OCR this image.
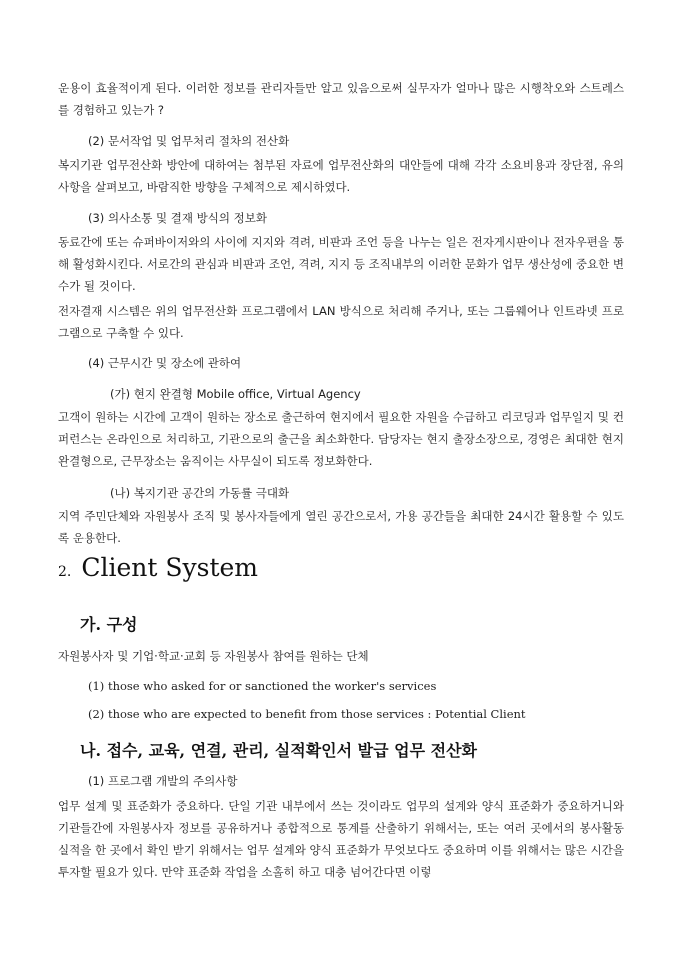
운용이 효율적이게 된다. 이러한 정보를 관리자들만 알고 있음으로써 실무자가 얼마나 많은 시행착오와 스트레스를 경험하고 있는가 ?

(2) 문서작업 및 업무처리 절차의 전산화

복지기관 업무전산화 방안에 대하여는 첨부된 자료에 업무전산화의 대안들에 대해 각각 소요비용과 장단점, 유의사항을 살펴보고, 바람직한 방향을 구체적으로 제시하였다.

(3) 의사소통 및 결재 방식의 정보화

동료간에 또는 슈퍼바이저와의 사이에 지지와 격려, 비판과 조언 등을 나누는 일은 전자게시판이나 전자우편을 통해 활성화시킨다. 서로간의 관심과 비판과 조언, 격려, 지지 등 조직내부의 이러한 문화가 업무 생산성에 중요한 변수가 될 것이다.

전자결재 시스템은 위의 업무전산화 프로그램에서 LAN 방식으로 처리해 주거나, 또는 그룹웨어나 인트라넷 프로그램으로 구축할 수 있다.

(4) 근무시간 및 장소에 관하여

(가) 현지 완결형 Mobile office, Virtual Agency

고객이 원하는 시간에 고객이 원하는 장소로 출근하여 현지에서 필요한 자원을 수급하고 리코딩과 업무일지 및 컨퍼런스는 온라인으로 처리하고, 기관으로의 출근을 최소화한다. 담당자는 현지 출장소장으로, 경영은 최대한 현지완결형으로, 근무장소는 움직이는 사무실이 되도록 정보화한다.

(나) 복지기관 공간의 가동률 극대화

지역 주민단체와 자원봉사 조직 및 봉사자들에게 열린 공간으로서, 가용 공간들을 최대한 24시간 활용할 수 있도록 운용한다.

2. Client System
가. 구성

자원봉사자 및 기업·학교·교회 등 자원봉사 참여를 원하는 단체

(1) those who asked for or sanctioned the worker's services

(2) those who are expected to benefit from those services : Potential Client

나. 접수, 교육, 연결, 관리, 실적확인서 발급 업무 전산화

(1) 프로그램 개발의 주의사항

업무 설계 및 표준화가 중요하다. 단일 기관 내부에서 쓰는 것이라도 업무의 설계와 양식 표준화가 중요하거니와 기관들간에 자원봉사자 정보를 공유하거나 종합적으로 통계를 산출하기 위해서는, 또는 여러 곳에서의 봉사활동 실적을 한 곳에서 확인 받기 위해서는 업무 설계와 양식 표준화가 무엇보다도 중요하며 이를 위해서는 많은 시간을 투자할 필요가 있다. 만약 표준화 작업을 소홀히 하고 대충 넘어간다면 이렇
